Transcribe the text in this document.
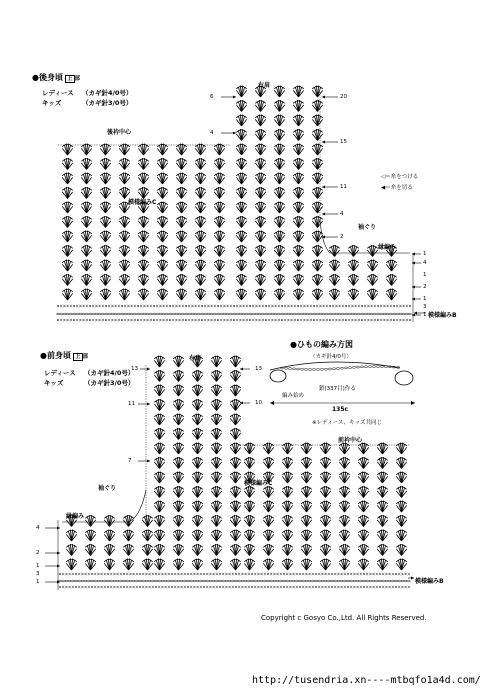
●後身頃 上 部
レディース （カギ針4/0号）
キッズ	（カギ針3/0号）
右肩
後衿中心
模様編みC
袖ぐり
縁編み
模様編みB
◁＝糸をつける
◀＝糸を切る
20
15
11
4
2
1
4
1
2
1
3
1
6
4
●前身頃 上 部
レディース （カギ針4/0号）
キッズ	（カギ針3/0号）
右肩
前衿中心
模様編みC
袖ぐり
縁編み
模様編みB
13
11
7
4
2
1
3
1
13
10
●ひもの編み方図
（カギ針4/0号）
鎖(337目)作る
編み始め
135c
※レディース、キッズ共同じ
Copyright c Gosyo Co.,Ltd. All Rights Reserved.
http://tusendria.xn----mtbqfo1a4d.com/
